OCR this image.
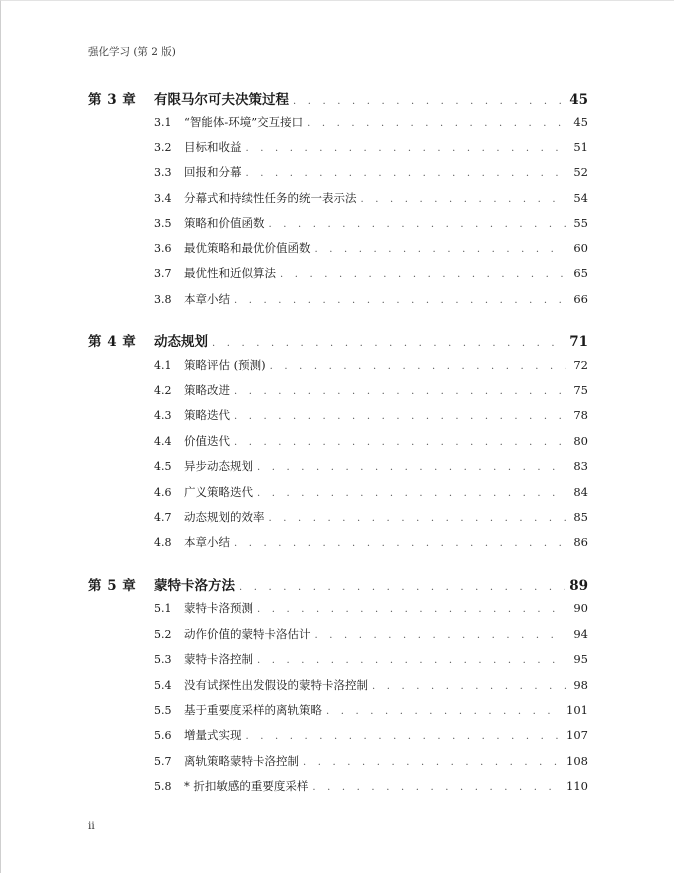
强化学习 (第 2 版)
第 3 章	有限马尔可夫决策过程 . . .	45
3.1	“智能体-环境”交互接口 . . .	45
3.2	目标和收益 . . .	51
3.3	回报和分幕 . . .	52
3.4	分幕式和持续性任务的统一表示法 . . .	54
3.5	策略和价值函数 . . .	55
3.6	最优策略和最优价值函数 . . .	60
3.7	最优性和近似算法 . . .	65
3.8	本章小结 . . .	66
第 4 章	动态规划 . . .	71
4.1	策略评估 (预测) . . .	72
4.2	策略改进 . . .	75
4.3	策略迭代 . . .	78
4.4	价值迭代 . . .	80
4.5	异步动态规划 . . .	83
4.6	广义策略迭代 . . .	84
4.7	动态规划的效率 . . .	85
4.8	本章小结 . . .	86
第 5 章	蒙特卡洛方法 . . .	89
5.1	蒙特卡洛预测 . . .	90
5.2	动作价值的蒙特卡洛估计 . . .	94
5.3	蒙特卡洛控制 . . .	95
5.4	没有试探性出发假设的蒙特卡洛控制 . . .	98
5.5	基于重要度采样的离轨策略 . . .	101
5.6	增量式实现 . . .	107
5.7	离轨策略蒙特卡洛控制 . . .	108
5.8	* 折扣敏感的重要度采样 . . .	110
ii
